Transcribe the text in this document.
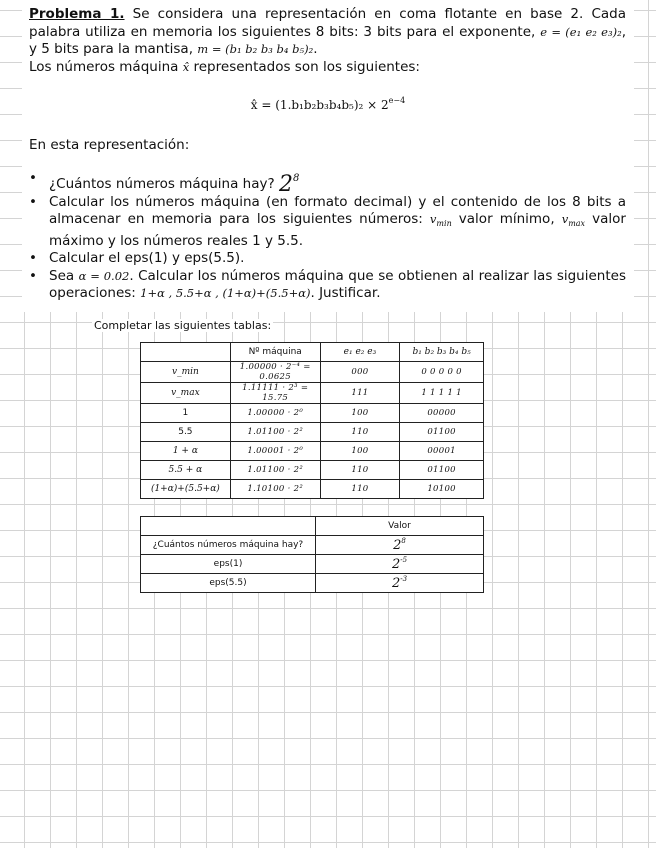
Problema 1. Se considera una representación en coma flotante en base 2. Cada palabra utiliza en memoria los siguientes 8 bits: 3 bits para el exponente, e = (e₁ e₂ e₃)₂, y 5 bits para la mantisa, m = (b₁ b₂ b₃ b₄ b₅)₂.

Los números máquina x̂ representados son los siguientes:

x̂ = $(1.b_1b_2b_3b_4b_5)_2 \times 2^{e-4}$

En esta representación:

• ¿Cuántos números máquina hay? $2^8$
• Calcular los números máquina (en formato decimal) y el contenido de los 8 bits a almacenar en memoria para los siguientes números: $v_{min}$ valor mínimo, $v_{max}$ valor máximo y los números reales 1 y 5.5.
• Calcular el eps(1) y eps(5.5).
• Sea α = 0.02. Calcular los números máquina que se obtienen al realizar las siguientes operaciones: 1+α , 5.5+α , (1+α)+(5.5+α). Justificar.
Completar las siguientes tablas:
	Nº máquina	e₁ e₂ e₃	b₁ b₂ b₃ b₄ b₅
v_min	1.00000 · 2⁻⁴ = 0.0625	000	0 0 0 0 0
v_max	1.11111 · 2³ = 15.75	111	1 1 1 1 1
1	1.00000 · 2⁰	100	00000
5.5	1.01100 · 2²	110	01100
1 + α	1.00001 · 2⁰	100	00001
5.5 + α	1.01100 · 2²	110	01100
(1+α)+(5.5+α)	1.10100 · 2²	110	10100
	Valor
¿Cuántos números máquina hay?	$2^8$
eps(1)	$2^{-5}$
eps(5.5)	$2^{-3}$
